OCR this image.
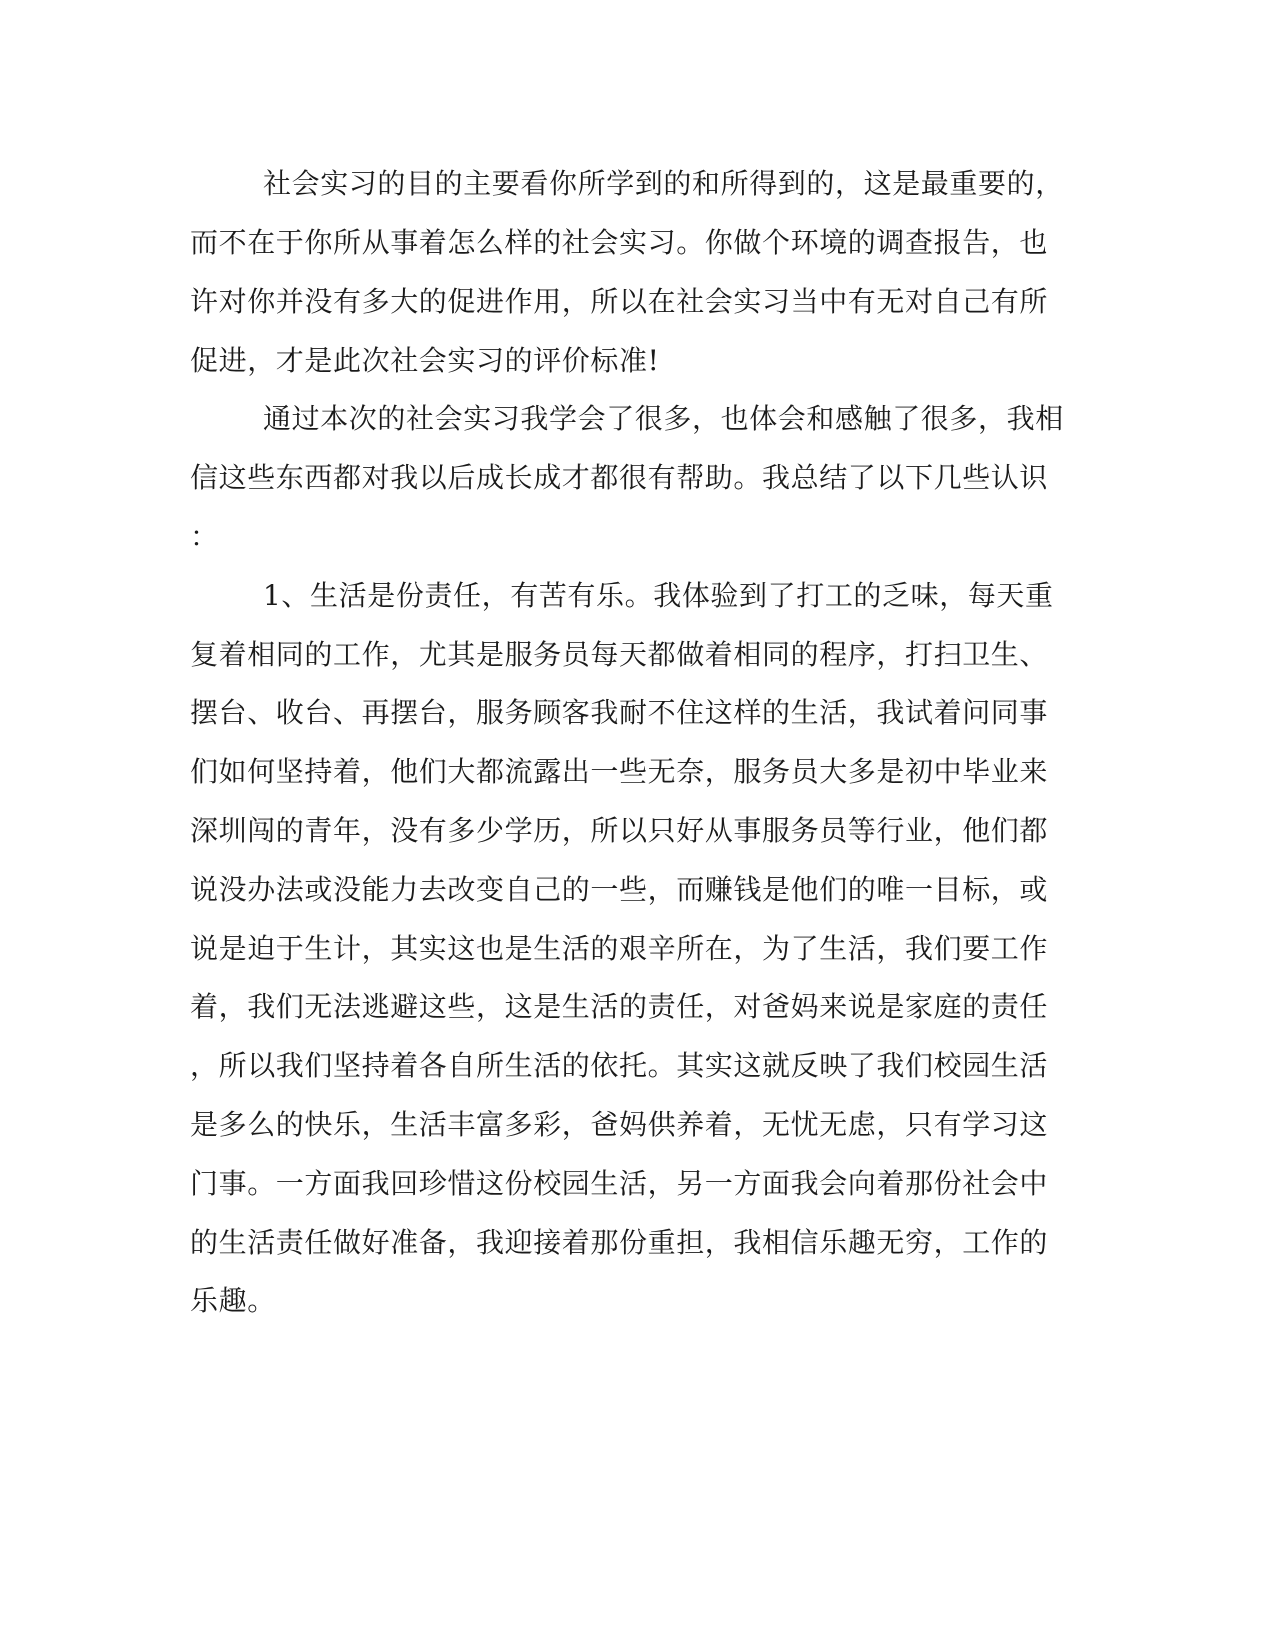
社会实习的目的主要看你所学到的和所得到的，这是最重要的，
而不在于你所从事着怎么样的社会实习。你做个环境的调查报告，也
许对你并没有多大的促进作用，所以在社会实习当中有无对自己有所
促进，才是此次社会实习的评价标准!
通过本次的社会实习我学会了很多，也体会和感触了很多，我相
信这些东西都对我以后成长成才都很有帮助。我总结了以下几些认识
：
1、生活是份责任，有苦有乐。我体验到了打工的乏味，每天重
复着相同的工作，尤其是服务员每天都做着相同的程序，打扫卫生、
摆台、收台、再摆台，服务顾客我耐不住这样的生活，我试着问同事
们如何坚持着，他们大都流露出一些无奈，服务员大多是初中毕业来
深圳闯的青年，没有多少学历，所以只好从事服务员等行业，他们都
说没办法或没能力去改变自己的一些，而赚钱是他们的唯一目标，或
说是迫于生计，其实这也是生活的艰辛所在，为了生活，我们要工作
着，我们无法逃避这些，这是生活的责任，对爸妈来说是家庭的责任
，所以我们坚持着各自所生活的依托。其实这就反映了我们校园生活
是多么的快乐，生活丰富多彩，爸妈供养着，无忧无虑，只有学习这
门事。一方面我回珍惜这份校园生活，另一方面我会向着那份社会中
的生活责任做好准备，我迎接着那份重担，我相信乐趣无穷，工作的
乐趣。
